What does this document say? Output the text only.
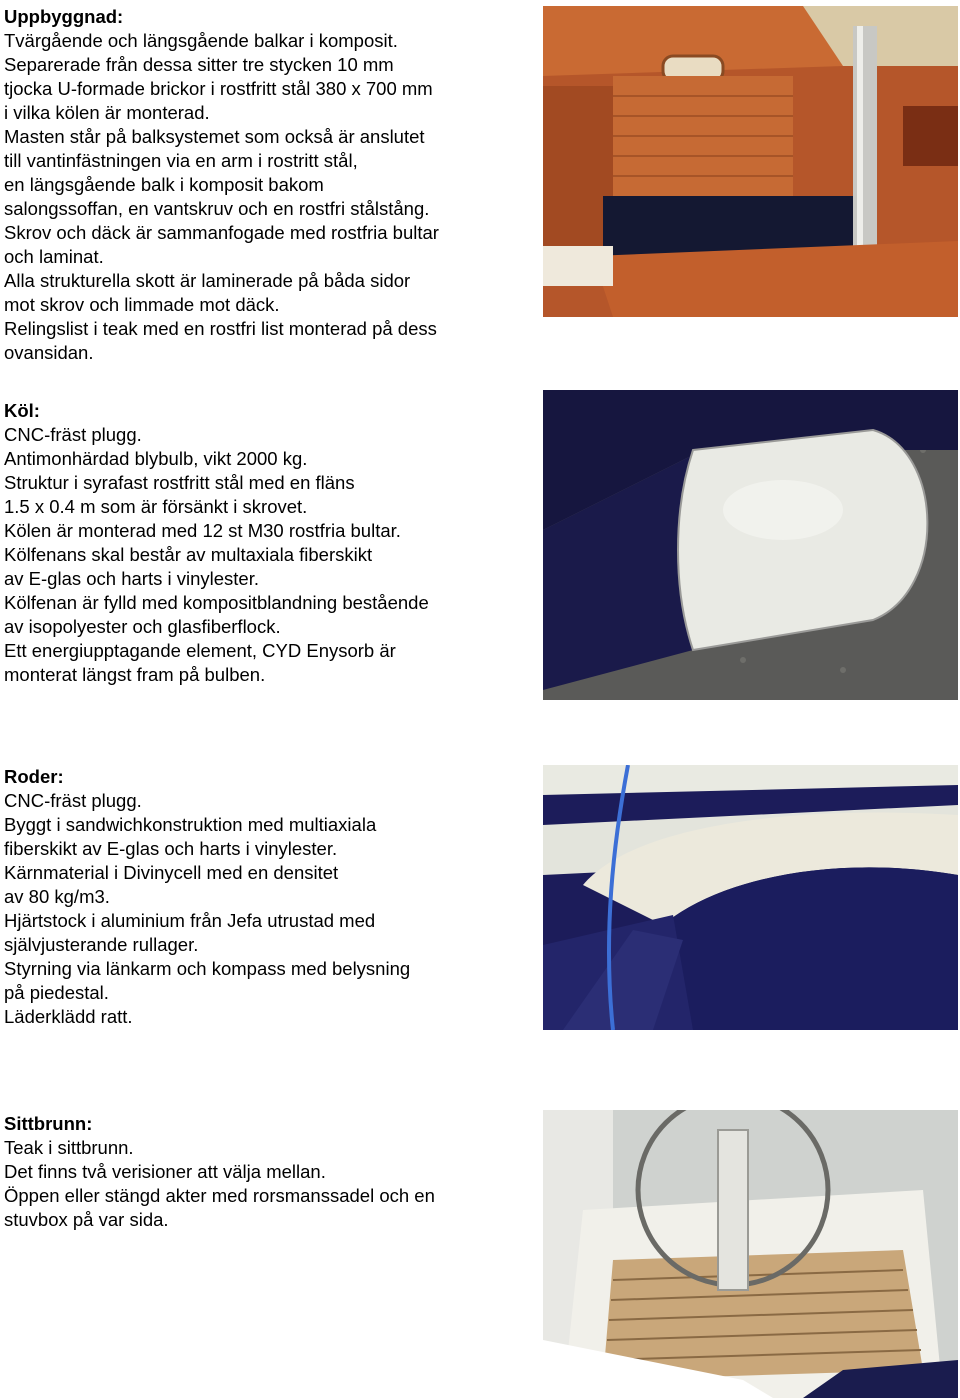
Uppbyggnad:

Tvärgående och längsgående balkar i komposit.

Separerade från dessa sitter tre stycken 10 mm

tjocka U-formade brickor i rostfritt stål 380 x 700 mm

i vilka kölen är monterad.

Masten står på balksystemet som också är anslutet

till vantinfästningen via en arm i rostritt stål,

en längsgående balk i komposit bakom

salongssoffan, en vantskruv och en rostfri stålstång.

Skrov och däck är sammanfogade med rostfria bultar

och laminat.

Alla strukturella skott är laminerade på båda sidor

mot skrov och limmade mot däck.

Relingslist i teak med en rostfri list monterad på dess

ovansidan.

Köl:

CNC-fräst plugg.

Antimonhärdad blybulb, vikt 2000 kg.

Struktur i syrafast rostfritt stål med en fläns

1.5 x 0.4 m som är försänkt i skrovet.

Kölen är monterad med 12 st M30 rostfria bultar.

Kölfenans skal består av multaxiala fiberskikt

av E-glas och harts i vinylester.

Kölfenan är fylld med kompositblandning bestående

av isopolyester och glasfiberflock.

Ett energiupptagande element, CYD Enysorb är

monterat längst fram på bulben.

Roder:

CNC-fräst plugg.

Byggt i sandwichkonstruktion med multiaxiala

fiberskikt av E-glas och harts i vinylester.

Kärnmaterial i Divinycell med en densitet

av 80 kg/m3.

Hjärtstock i aluminium från Jefa utrustad med

självjusterande rullager.

Styrning via länkarm och kompass med belysning

på piedestal.

Läderklädd ratt.

Sittbrunn:

Teak i sittbrunn.

Det finns två verisioner att välja mellan.

Öppen eller stängd akter med rorsmanssadel och en

stuvbox på var sida.
